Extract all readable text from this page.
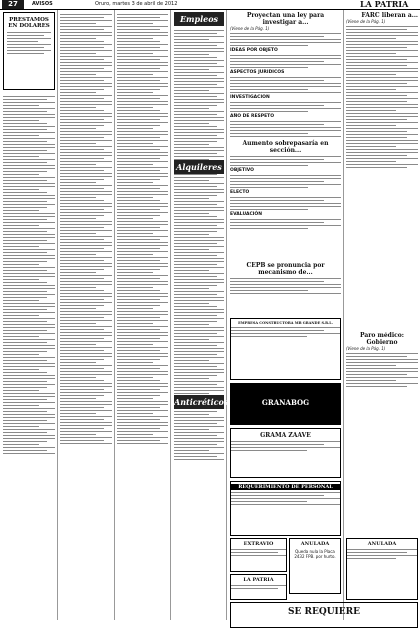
27	AVISOS	Oruro, martes 3 de abril de 2012	LA PATRIA
PRESTAMOS EN DOLARES
Empleos
Alquileres
Anticréticos
Proyectan una ley para investigar a...
(Viene de la Pág. 1)
IDEAS POR OBJETO
ASPECTOS JURIDICOS
INVESTIGACION
AÑO DE RESPETO
Aumento sobrepasaría en sección...
OBJETIVO
ELECTO
EVALUACIÓN
CEPB se pronuncia por mecanismo de...
FARC liberan a...
(Viene de la Pág. 1)
Paro médico: Gobierno
(Viene de la Pág. 1)
EMPRESA CONSTRUCTORA MB GRANDE S.R.L.
GRANABOG
GRAMA ZAAVE
REQUERIMIENTO DE PERSONAL
EXTRAVIO	ANULADA
Queda nula la Placa 2432 FPB. por hurto.
LA PATRIA
ANULADA
SE REQUIERE
